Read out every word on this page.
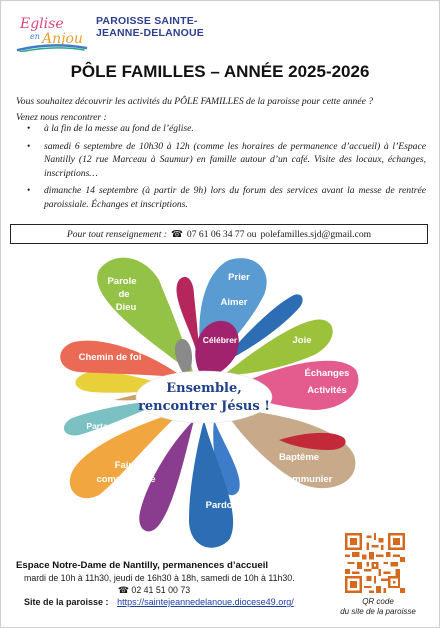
Eglise
en Anjou
PAROISSE SAINTE-
JEANNE-DELANOUE
PÔLE FAMILLES – ANNÉE 2025-2026
Vous souhaitez découvrir les activités du PÔLE FAMILLES de la paroisse pour cette année ?
Venez nous rencontrer :
• à la fin de la messe au fond de l’église.
• samedi 6 septembre de 10h30 à 12h (comme les horaires de permanence d’accueil) à l’Espace Nantilly (12 rue Marceau à Saumur) en famille autour d’un café. Visite des locaux, échanges, inscriptions…
• dimanche 14 septembre (à partir de 9h) lors du forum des services avant la messe de rentrée paroissiale. Échanges et inscriptions.
Pour tout renseignement : ☎ 07 61 06 34 77 ou polefamilles.sjd@gmail.com
Parole
de
Dieu
Prier
Aimer
Célébrer	Joie
Échanges
Activités
Chemin de foi
Partage
Faire
communauté
Baptême
Communier
Pardon
Ensemble,
rencontrer Jésus !
Espace Notre-Dame de Nantilly, permanences d’accueil
mardi de 10h à 11h30, jeudi de 16h30 à 18h, samedi de 10h à 11h30.
☎ 02 41 51 00 73
Site de la paroisse : https://saintejeannedelanoue.diocese49.org/	QR code
du site de la paroisse
